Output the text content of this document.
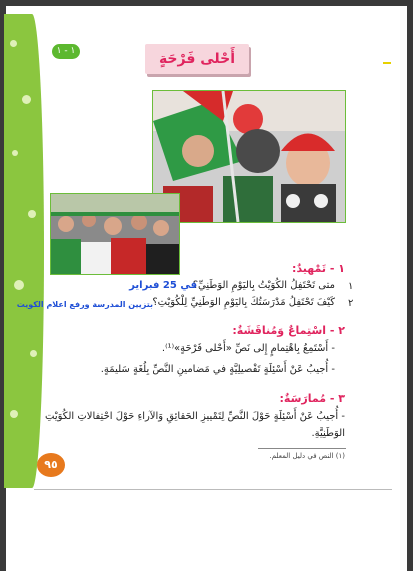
١ - ١	أَحْلى فَرْحَةٍ
١ - تَمْهيدٌ:
١
متى تَحْتَفِلُ الكُوَيْتُ بِاليَوْمِ الوَطَنِيِّ؟
في 25 فبراير
٢
كَيْفَ تَحْتَفِلُ مَدْرَسَتُكَ بِاليَوْمِ الوَطَنِيِّ لِلْكُوَيْتِ؟
بتزيين المدرسة ورفع اعلام الكويت
٢ - اسْتِماعٌ وَمُناقَشَةٌ:
- أَسْتَمِعُ بِاهْتِمامٍ إِلى نَصِّ «أَحْلى فَرْحَةٍ»⁽¹⁾.
- أُجيبُ عَنْ أَسْئِلَةٍ تَفْصيلِيَّةٍ في مَضامينِ النَّصِّ بِلُغَةٍ سَليمَةٍ.
٣ - مُمارَسَةٌ:
- أُجيبُ عَنْ أَسْئِلَةٍ حَوْلَ النَّصِّ لِتَمْييزِ الحَقائِقِ وَالآراءِ حَوْلَ احْتِفالاتِ الكُوَيْتِ
الوَطَنِيَّةِ.
(١) النص في دليل المعلم.
٩٥
